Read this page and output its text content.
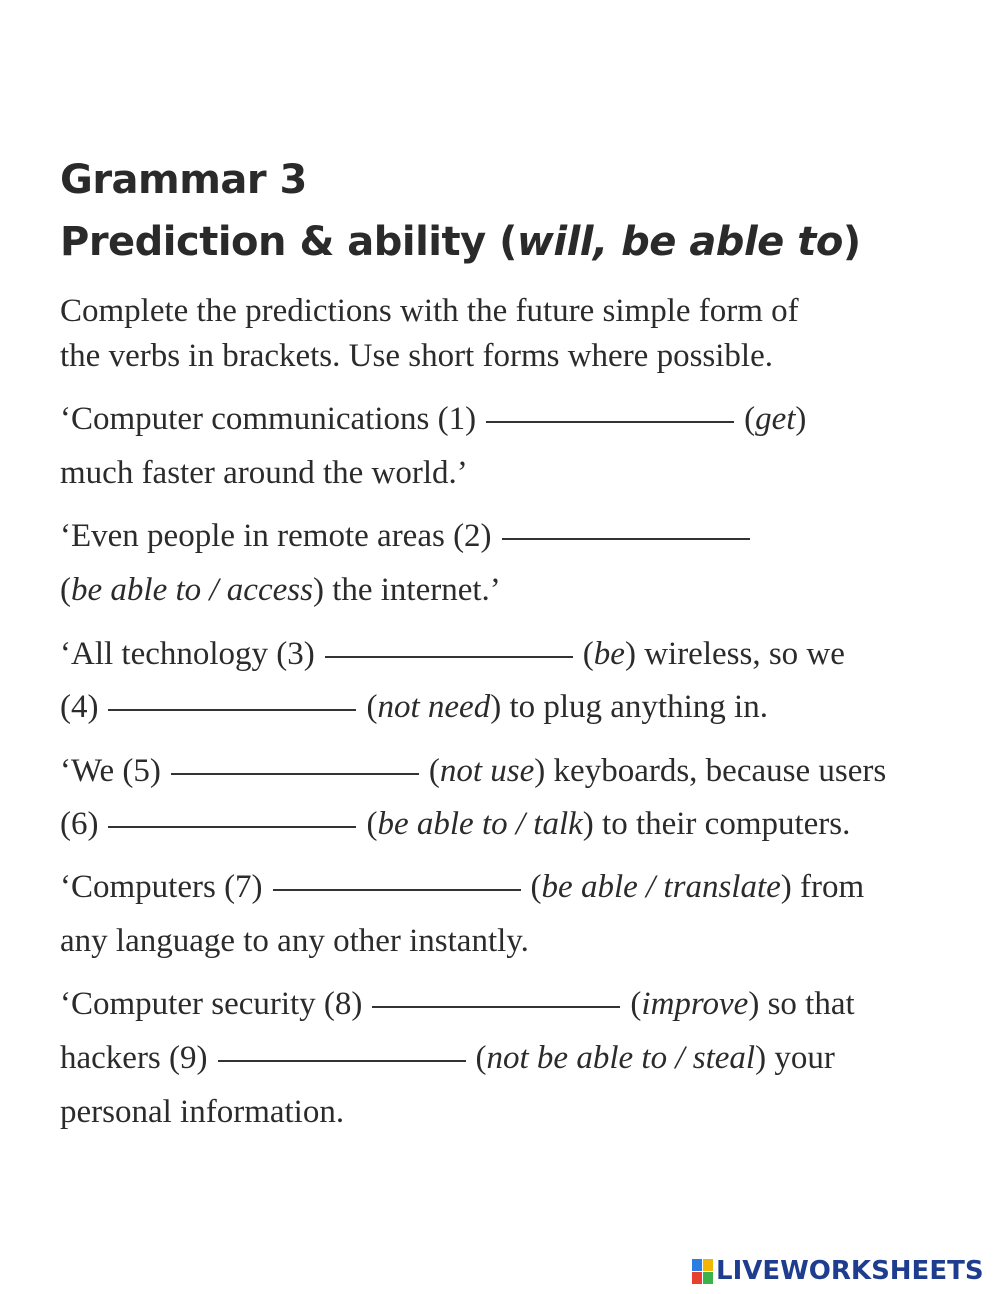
Grammar 3
Prediction & ability (will, be able to)
Complete the predictions with the future simple form of
the verbs in brackets. Use short forms where possible.
‘Computer communications (1)	(get)
much faster around the world.’
‘Even people in remote areas (2)
(be able to / access) the internet.’
‘All technology (3)	(be) wireless, so we
(4)	(not need) to plug anything in.
‘We (5)	(not use) keyboards, because users
(6)	(be able to / talk) to their computers.
‘Computers (7)	(be able / translate) from
any language to any other instantly.
‘Computer security (8)	(improve) so that
hackers (9)	(not be able to / steal) your
personal information.
LIVEWORKSHEETS
